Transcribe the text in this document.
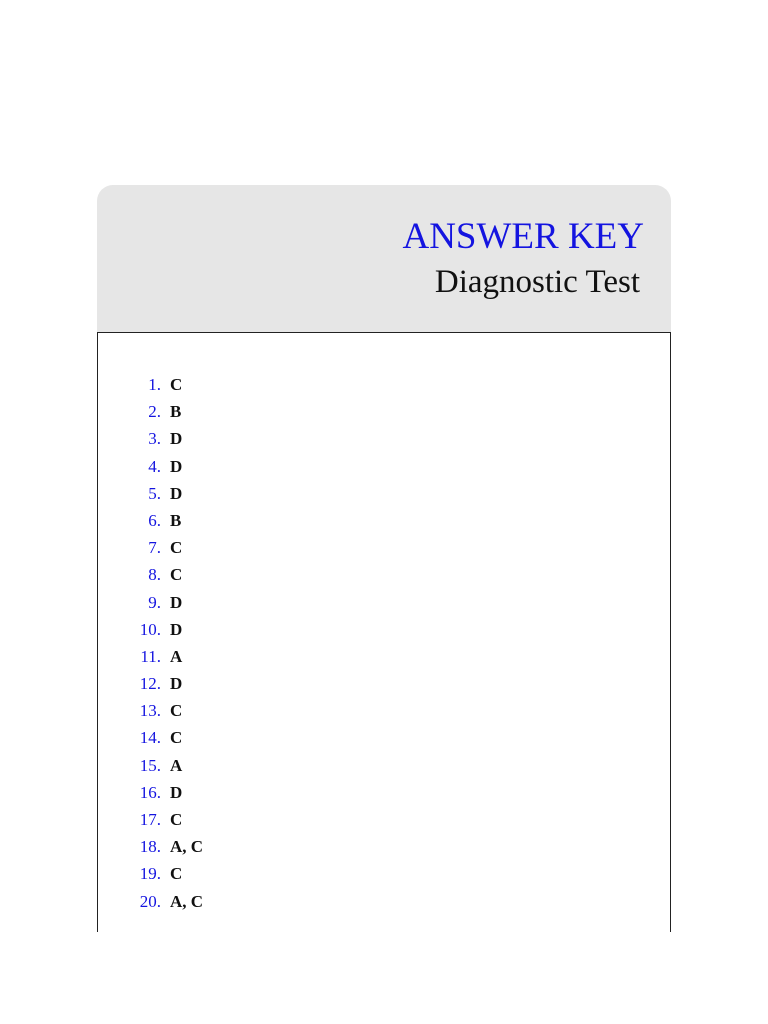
ANSWER KEY
Diagnostic Test
1. C
2. B
3. D
4. D
5. D
6. B
7. C
8. C
9. D
10. D
11. A
12. D
13. C
14. C
15. A
16. D
17. C
18. A, C
19. C
20. A, C
